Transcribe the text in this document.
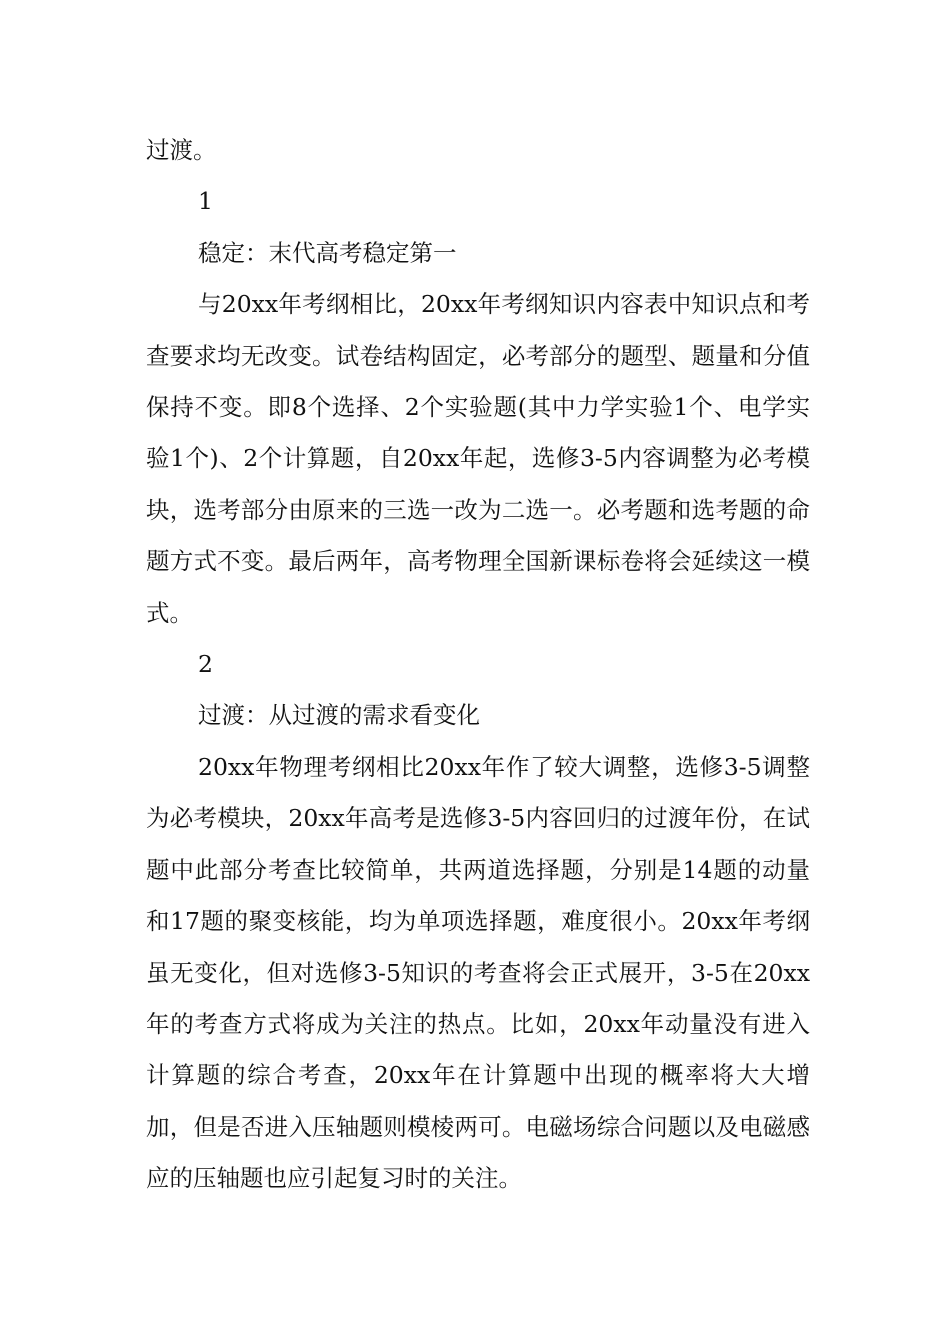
过渡。

1

稳定：末代高考稳定第一

与20xx年考纲相比，20xx年考纲知识内容表中知识点和考查要求均无改变。试卷结构固定，必考部分的题型、题量和分值保持不变。即8个选择、2个实验题(其中力学实验1个、电学实验1个)、2个计算题，自20xx年起，选修3-5内容调整为必考模块，选考部分由原来的三选一改为二选一。必考题和选考题的命题方式不变。最后两年，高考物理全国新课标卷将会延续这一模式。

2

过渡：从过渡的需求看变化

20xx年物理考纲相比20xx年作了较大调整，选修3-5调整为必考模块，20xx年高考是选修3-5内容回归的过渡年份，在试题中此部分考查比较简单，共两道选择题，分别是14题的动量和17题的聚变核能，均为单项选择题，难度很小。20xx年考纲虽无变化，但对选修3-5知识的考查将会正式展开，3-5在20xx年的考查方式将成为关注的热点。比如，20xx年动量没有进入计算题的综合考查，20xx年在计算题中出现的概率将大大增加，但是否进入压轴题则模棱两可。电磁场综合问题以及电磁感应的压轴题也应引起复习时的关注。
